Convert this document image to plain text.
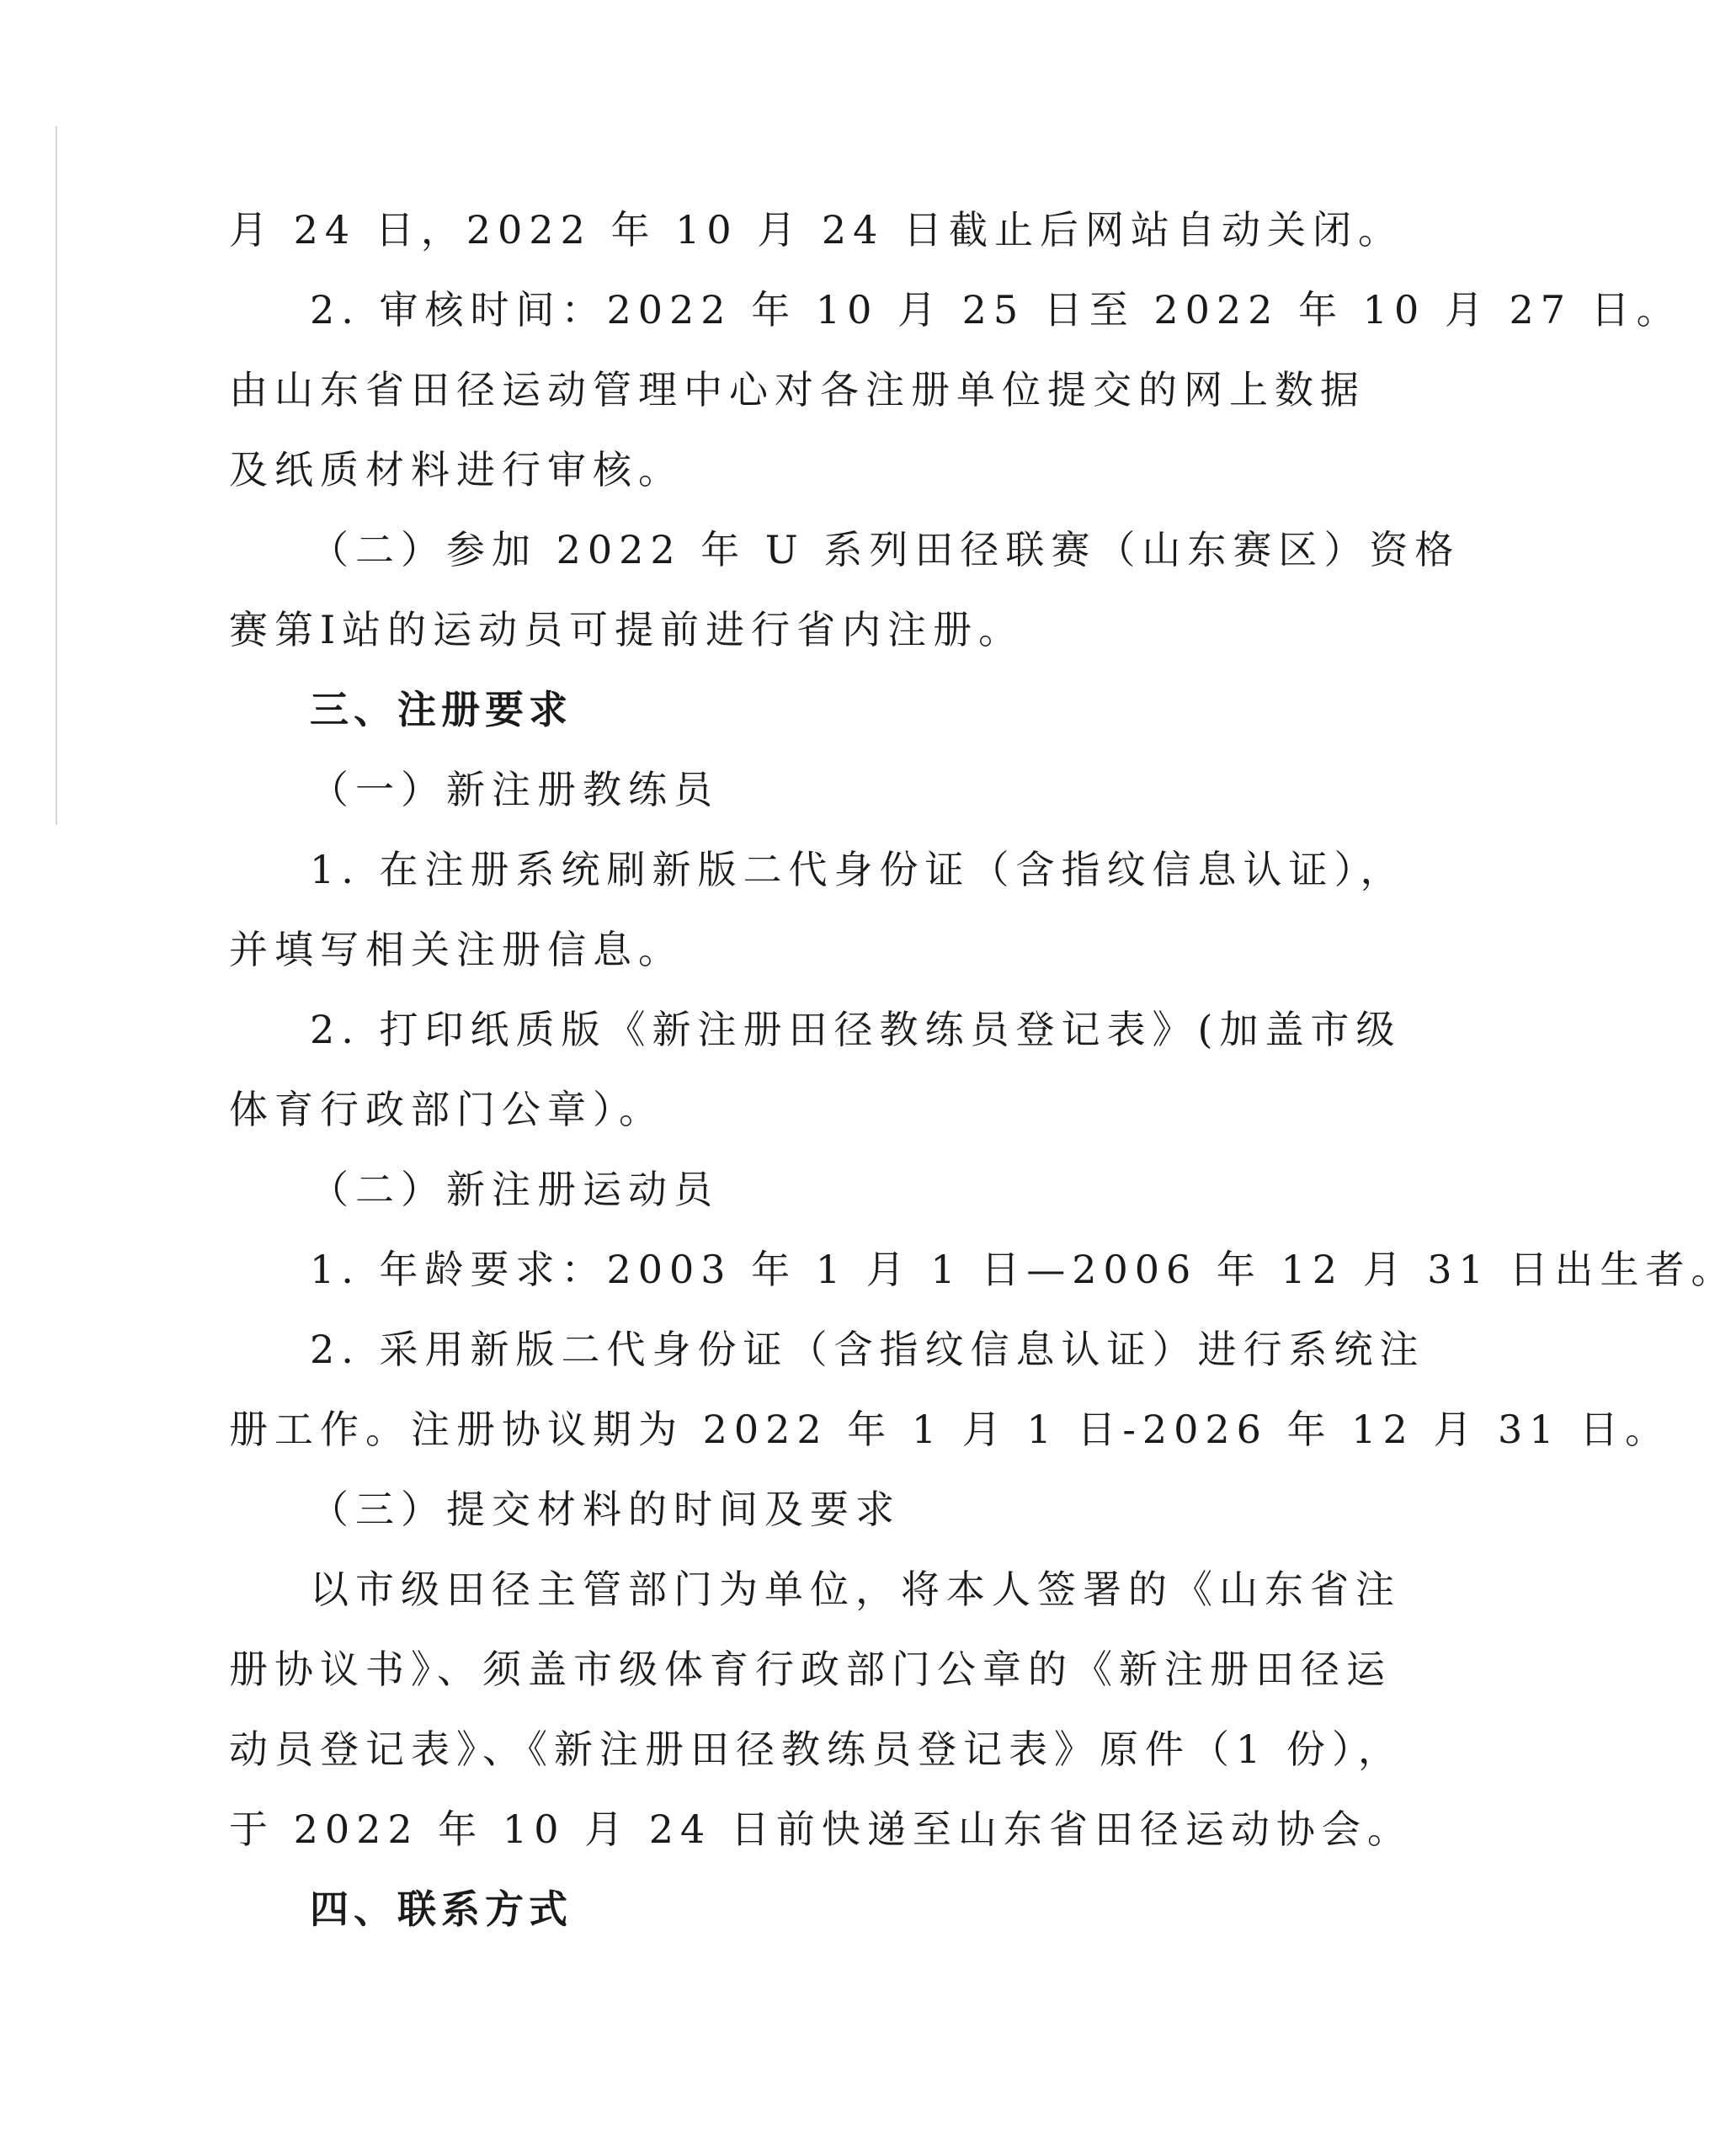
月 24 日，2022 年 10 月 24 日截止后网站自动关闭。
2. 审核时间：2022 年 10 月 25 日至 2022 年 10 月 27 日。
由山东省田径运动管理中心对各注册单位提交的网上数据
及纸质材料进行审核。
（二）参加 2022 年 U 系列田径联赛（山东赛区）资格
赛第Ⅰ站的运动员可提前进行省内注册。
三、注册要求
（一）新注册教练员
1. 在注册系统刷新版二代身份证（含指纹信息认证），
并填写相关注册信息。
2. 打印纸质版《新注册田径教练员登记表》(加盖市级
体育行政部门公章）。
（二）新注册运动员
1. 年龄要求：2003 年 1 月 1 日—2006 年 12 月 31 日出生者。
2. 采用新版二代身份证（含指纹信息认证）进行系统注
册工作。注册协议期为 2022 年 1 月 1 日-2026 年 12 月 31 日。
（三）提交材料的时间及要求
以市级田径主管部门为单位，将本人签署的《山东省注
册协议书》、须盖市级体育行政部门公章的《新注册田径运
动员登记表》、《新注册田径教练员登记表》原件（1 份），
于 2022 年 10 月 24 日前快递至山东省田径运动协会。
四、联系方式
